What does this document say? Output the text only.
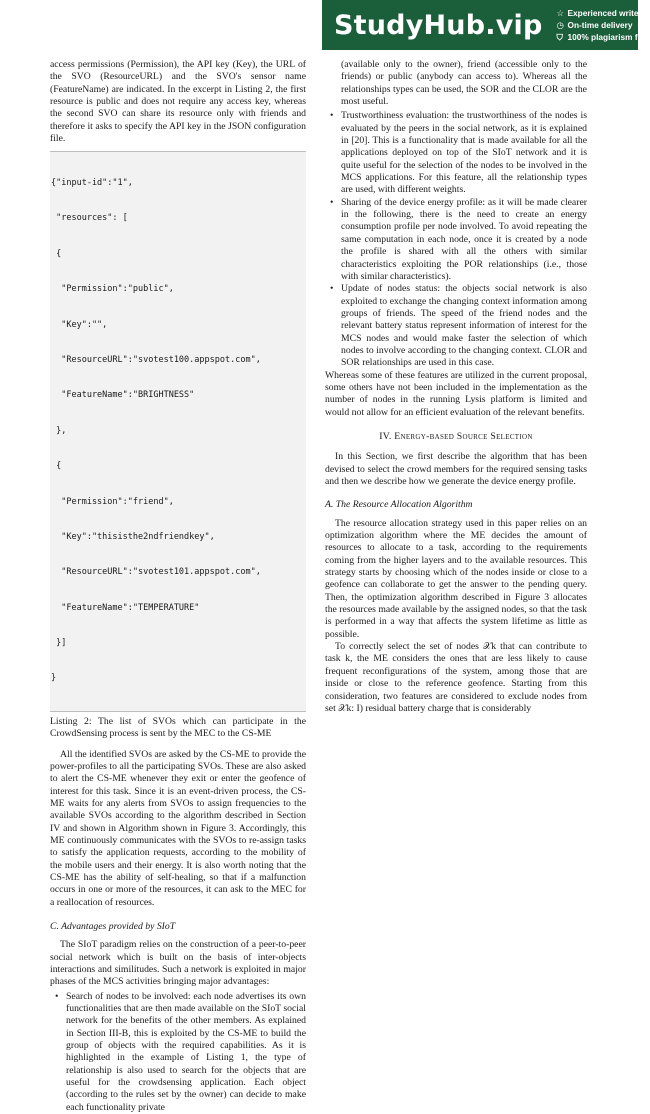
StudyHub.vip ☆ Experienced writers
◷ On-time delivery
⛉ 100% plagiarism free

access permissions (Permission), the API key (Key), the URL of the SVO (ResourceURL) and the SVO's sensor name (FeatureName) are indicated. In the excerpt in Listing 2, the first resource is public and does not require any access key, whereas the second SVO can share its resource only with friends and therefore it asks to specify the API key in the JSON configuration file.

{"input-id":"1",

"resources": [

{

"Permission":"public",

"Key":"",

"ResourceURL":"svotest100.appspot.com",

"FeatureName":"BRIGHTNESS"

},

{

"Permission":"friend",

"Key":"thisisthe2ndfriendkey",

"ResourceURL":"svotest101.appspot.com",

"FeatureName":"TEMPERATURE"

}]

}

Listing 2: The list of SVOs which can participate in the CrowdSensing process is sent by the MEC to the CS-ME

All the identified SVOs are asked by the CS-ME to provide the power-profiles to all the participating SVOs. These are also asked to alert the CS-ME whenever they exit or enter the geofence of interest for this task. Since it is an event-driven process, the CS-ME waits for any alerts from SVOs to assign frequencies to the available SVOs according to the algorithm described in Section IV and shown in Algorithm shown in Figure 3. Accordingly, this ME continuously communicates with the SVOs to re-assign tasks to satisfy the application requests, according to the mobility of the mobile users and their energy. It is also worth noting that the CS-ME has the ability of self-healing, so that if a malfunction occurs in one or more of the resources, it can ask to the MEC for a reallocation of resources.

C. Advantages provided by SIoT

The SIoT paradigm relies on the construction of a peer-to-peer social network which is built on the basis of inter-objects interactions and similitudes. Such a network is exploited in major phases of the MCS activities bringing major advantages:

• Search of nodes to be involved: each node advertises its own functionalities that are then made available on the SIoT social network for the benefits of the other members. As explained in Section III-B, this is exploited by the CS-ME to build the group of objects with the required capabilities. As it is highlighted in the example of Listing 1, the type of relationship is also used to search for the objects that are useful for the crowdsensing application. Each object (according to the rules set by the owner) can decide to make each functionality private

(available only to the owner), friend (accessible only to the friends) or public (anybody can access to). Whereas all the relationships types can be used, the SOR and the CLOR are the most useful.

• Trustworthiness evaluation: the trustworthiness of the nodes is evaluated by the peers in the social network, as it is explained in [20]. This is a functionality that is made available for all the applications deployed on top of the SIoT network and it is quite useful for the selection of the nodes to be involved in the MCS applications. For this feature, all the relationship types are used, with different weights.
• Sharing of the device energy profile: as it will be made clearer in the following, there is the need to create an energy consumption profile per node involved. To avoid repeating the same computation in each node, once it is created by a node the profile is shared with all the others with similar characteristics exploiting the POR relationships (i.e., those with similar characteristics).
• Update of nodes status: the objects social network is also exploited to exchange the changing context information among groups of friends. The speed of the friend nodes and the relevant battery status represent information of interest for the MCS nodes and would make faster the selection of which nodes to involve according to the changing context. CLOR and SOR relationships are used in this case.

Whereas some of these features are utilized in the current proposal, some others have not been included in the implementation as the number of nodes in the running Lysis platform is limited and would not allow for an efficient evaluation of the relevant benefits.

IV. Energy-based Source Selection

In this Section, we first describe the algorithm that has been devised to select the crowd members for the required sensing tasks and then we describe how we generate the device energy profile.

A. The Resource Allocation Algorithm

The resource allocation strategy used in this paper relies on an optimization algorithm where the ME decides the amount of resources to allocate to a task, according to the requirements coming from the higher layers and to the available resources. This strategy starts by choosing which of the nodes inside or close to a geofence can collaborate to get the answer to the pending query. Then, the optimization algorithm described in Figure 3 allocates the resources made available by the assigned nodes, so that the task is performed in a way that affects the system lifetime as little as possible.

To correctly select the set of nodes 𝒳k that can contribute to task k, the ME considers the ones that are less likely to cause frequent reconfigurations of the system, among those that are inside or close to the reference geofence. Starting from this consideration, two features are considered to exclude nodes from set 𝒳k: I) residual battery charge that is considerably
